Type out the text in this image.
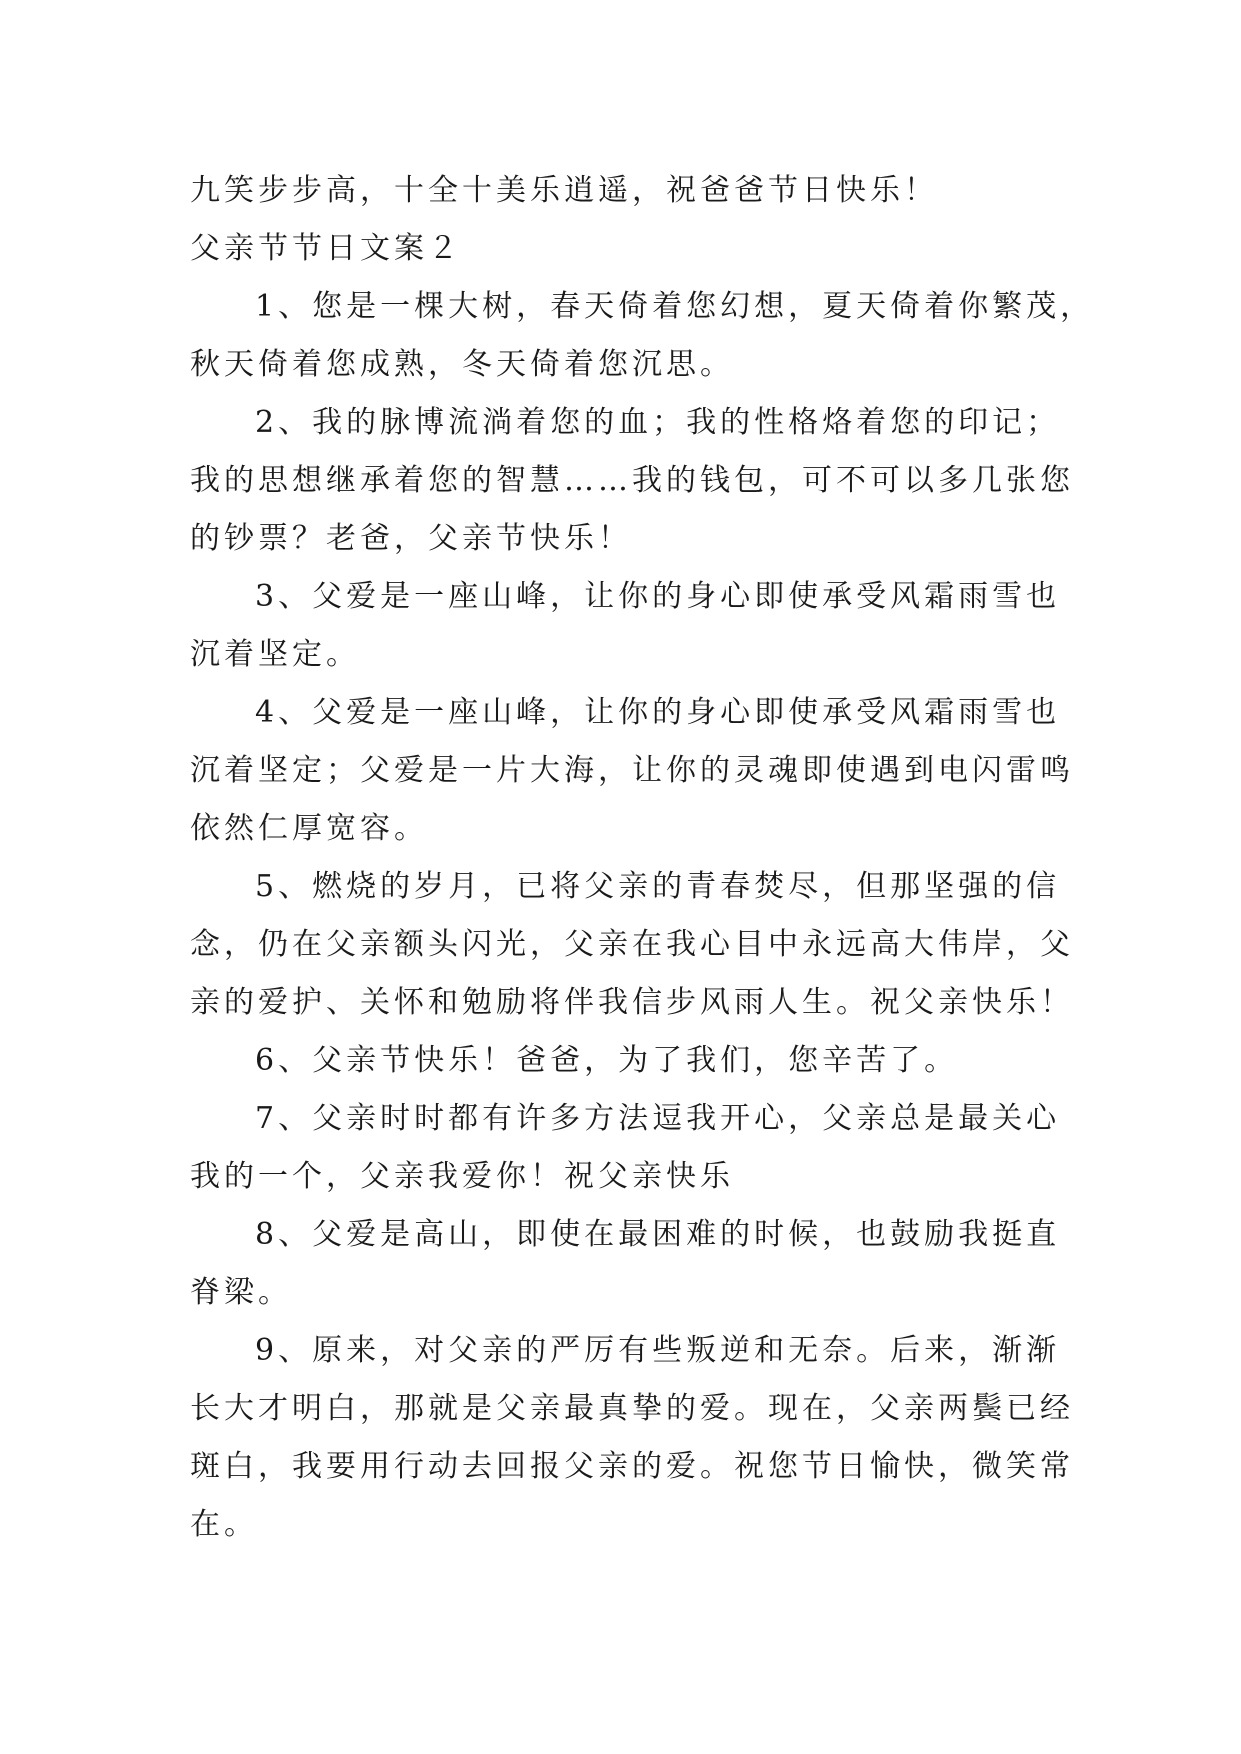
九笑步步高，十全十美乐逍遥，祝爸爸节日快乐！

父亲节节日文案２

1、您是一棵大树，春天倚着您幻想，夏天倚着你繁茂，

秋天倚着您成熟，冬天倚着您沉思。

2、我的脉博流淌着您的血；我的性格烙着您的印记；

我的思想继承着您的智慧……我的钱包，可不可以多几张您

的钞票？老爸，父亲节快乐！

3、父爱是一座山峰，让你的身心即使承受风霜雨雪也

沉着坚定。

4、父爱是一座山峰，让你的身心即使承受风霜雨雪也

沉着坚定；父爱是一片大海，让你的灵魂即使遇到电闪雷鸣

依然仁厚宽容。

5、燃烧的岁月，已将父亲的青春焚尽，但那坚强的信

念，仍在父亲额头闪光，父亲在我心目中永远高大伟岸，父

亲的爱护、关怀和勉励将伴我信步风雨人生。祝父亲快乐！

6、父亲节快乐！爸爸，为了我们，您辛苦了。

7、父亲时时都有许多方法逗我开心，父亲总是最关心

我的一个，父亲我爱你！祝父亲快乐

8、父爱是高山，即使在最困难的时候，也鼓励我挺直

脊梁。

9、原来，对父亲的严厉有些叛逆和无奈。后来，渐渐

长大才明白，那就是父亲最真挚的爱。现在，父亲两鬓已经

斑白，我要用行动去回报父亲的爱。祝您节日愉快，微笑常

在。
